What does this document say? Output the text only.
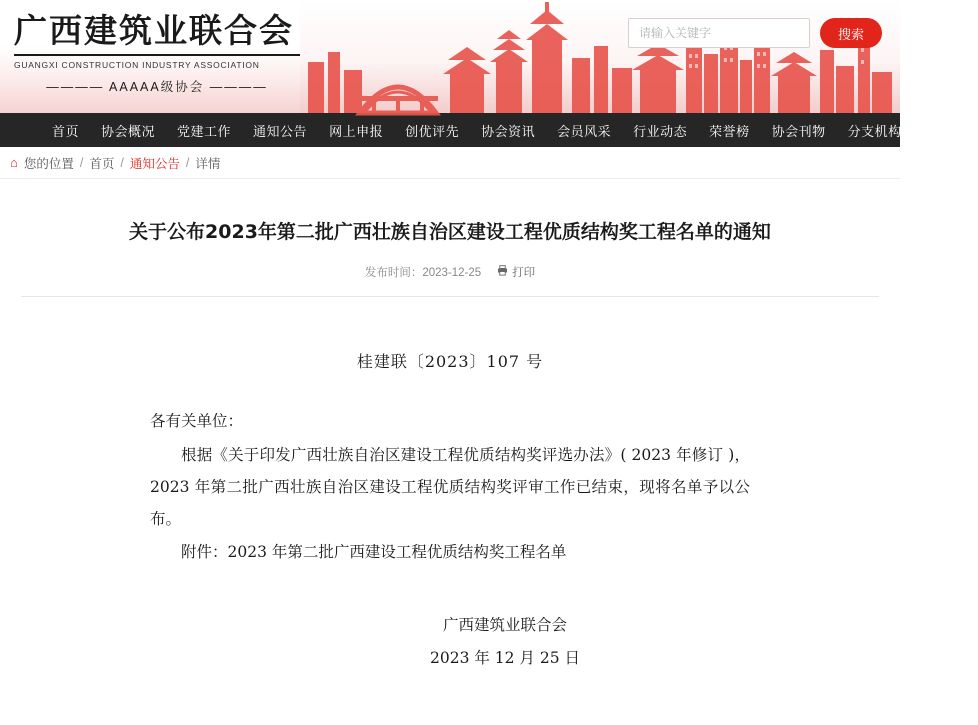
广西建筑业联合会
GUANGXI CONSTRUCTION INDUSTRY ASSOCIATION
———— AAAAA级协会 ————
请输入关键字
搜索
首页 协会概况 党建工作 通知公告 网上申报 创优评先 协会资讯 会员风采 行业动态 荣誉榜 协会刊物 分支机构 联系我们
⌂ 您的位置 / 首页 / 通知公告 / 详情
关于公布2023年第二批广西壮族自治区建设工程优质结构奖工程名单的通知
发布时间：2023-12-25	打印
桂建联〔2023〕107 号

各有关单位：

根据《关于印发广西壮族自治区建设工程优质结构奖评选办法》( 2023 年修订 )，2023 年第二批广西壮族自治区建设工程优质结构奖评审工作已结束，现将名单予以公布。

附件：2023 年第二批广西建设工程优质结构奖工程名单

广西建筑业联合会
2023 年 12 月 25 日
